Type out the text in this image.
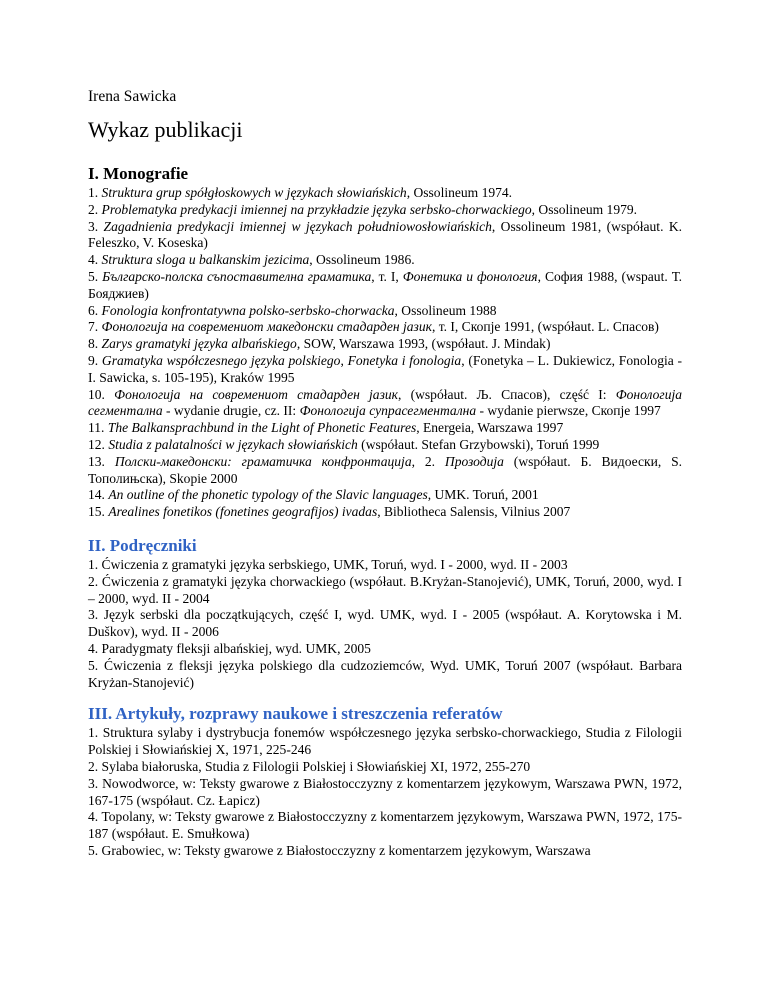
Irena Sawicka
Wykaz publikacji

I. Monografie

1. Struktura grup spółgłoskowych w językach słowiańskich, Ossolineum 1974.

2. Problematyka predykacji imiennej na przykładzie języka serbsko-chorwackiego, Ossolineum 1979.

3. Zagadnienia predykacji imiennej w językach południowosłowiańskich, Ossolineum 1981, (współaut. K. Feleszko, V. Koseska)

4. Struktura sloga u balkanskim jezicima, Ossolineum 1986.

5. Българско-полска съпоставителна граматика, т. I, Фонетика и фонология, София 1988, (wspaut. Т. Бояджиев)

6. Fonologia konfrontatywna polsko-serbsko-chorwacka, Ossolineum 1988

7. Фонологија на современиот македонски стадарден јазик, т. I, Скопје 1991, (współaut. L. Спасов)

8. Zarys gramatyki języka albańskiego, SOW, Warszawa 1993, (współaut. J. Mindak)

9. Gramatyka współczesnego języka polskiego, Fonetyka i fonologia, (Fonetyka – L. Dukiewicz, Fonologia - I. Sawicka, s. 105-195), Kraków 1995

10. Фонологија на современиот стадарден јазик, (współaut. Љ. Спасов), część I: Фонологија сегментална - wydanie drugie, cz. II: Фонологија супрасегментална - wydanie pierwsze, Скопје 1997

11. The Balkansprachbund in the Light of Phonetic Features, Energeia, Warszawa 1997

12. Studia z palatalności w językach słowiańskich (współaut. Stefan Grzybowski), Toruń 1999

13. Полски-македонски: граматичка конфронтација, 2. Прозодија (współaut. Б. Видоески, S. Тополињска), Skopie 2000

14. An outline of the phonetic typology of the Slavic languages, UMK. Toruń, 2001

15. Arealines fonetikos (fonetines geografijos) ivadas, Bibliotheca Salensis, Vilnius 2007

II. Podręczniki

1. Ćwiczenia z gramatyki języka serbskiego, UMK, Toruń, wyd. I - 2000, wyd. II - 2003

2. Ćwiczenia z gramatyki języka chorwackiego (współaut. B.Kryżan-Stanojević), UMK, Toruń, 2000, wyd. I – 2000, wyd. II - 2004

3. Język serbski dla początkujących, część I, wyd. UMK, wyd. I - 2005 (współaut. A. Korytowska i M. Duškov), wyd. II - 2006

4. Paradygmaty fleksji albańskiej, wyd. UMK, 2005

5. Ćwiczenia z fleksji języka polskiego dla cudzoziemców, Wyd. UMK, Toruń 2007 (współaut. Barbara Kryżan-Stanojević)

III. Artykuły, rozprawy naukowe i streszczenia referatów

1. Struktura sylaby i dystrybucja fonemów współczesnego języka serbsko-chorwackiego, Studia z Filologii Polskiej i Słowiańskiej X, 1971, 225-246

2. Sylaba białoruska, Studia z Filologii Polskiej i Słowiańskiej XI, 1972, 255-270

3. Nowodworce, w: Teksty gwarowe z Białostocczyzny z komentarzem językowym, Warszawa PWN, 1972, 167-175 (współaut. Cz. Łapicz)

4. Topolany, w: Teksty gwarowe z Białostocczyzny z komentarzem językowym, Warszawa PWN, 1972, 175-187 (współaut. E. Smułkowa)

5. Grabowiec, w: Teksty gwarowe z Białostocczyzny z komentarzem językowym, Warszawa
